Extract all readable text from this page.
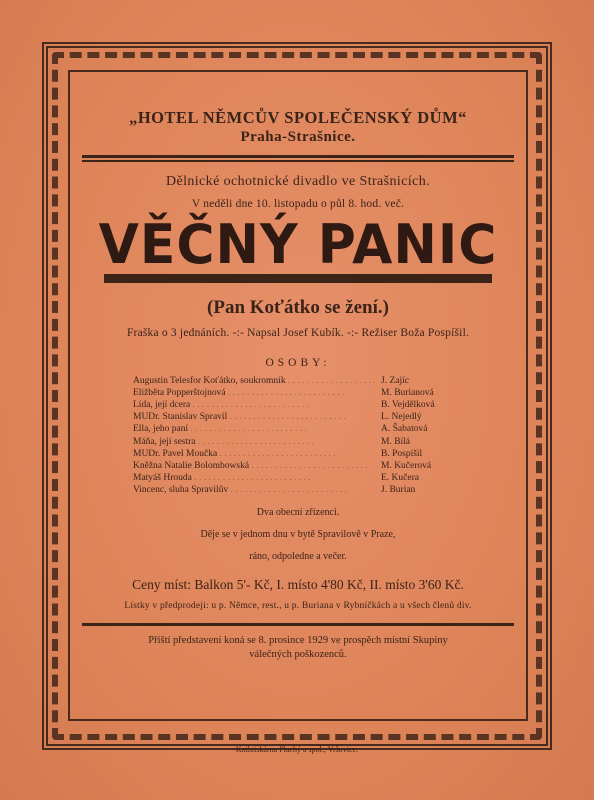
„HOTEL NĚMCŮV SPOLEČENSKÝ DŮM“

Praha-Strašnice.

Dělnické ochotnické divadlo ve Strašnicích.

V neděli dne 10. listopadu o půl 8. hod. več.

VĚČNÝ PANIC

(Pan Koťátko se žení.)

Fraška o 3 jednáních. -:- Napsal Josef Kubík. -:- Režiser Boža Pospíšil.

OSOBY:

Augustin Telesfor Koťátko, soukromník . . .	J. Zajíc
Eližběta Popperštojnová . . .	M. Burianová
Lída, její dcera . . .	B. Vejdělková
MUDr. Stanislav Spravil . . .	L. Nejedlý
Ella, jeho paní . . .	A. Šabatová
Máňa, její sestra . . .	M. Bílá
MUDr. Pavel Moučka . . .	B. Pospíšil
Kněžna Natalie Bolombowská . . .	M. Kučerová
Matyáš Hrouda . . .	E. Kučera
Vincenc, sluha Spravilův . . .	J. Burian

Dva obecní zřízenci.

Děje se v jednom dnu v bytě Spravilově v Praze,

ráno, odpoledne a večer.

Ceny míst: Balkon 5'- Kč, I. místo 4'80 Kč, II. místo 3'60 Kč.

Lístky v předprodeji: u p. Němce, rest., u p. Buriana v Rybníčkách a u všech členů div.

Příští představení koná se 8. prosince 1929 ve prospěch místní Skupiny

válečných poškozenců.

Knihtiskárna Plachý a spol., Vršovice.
